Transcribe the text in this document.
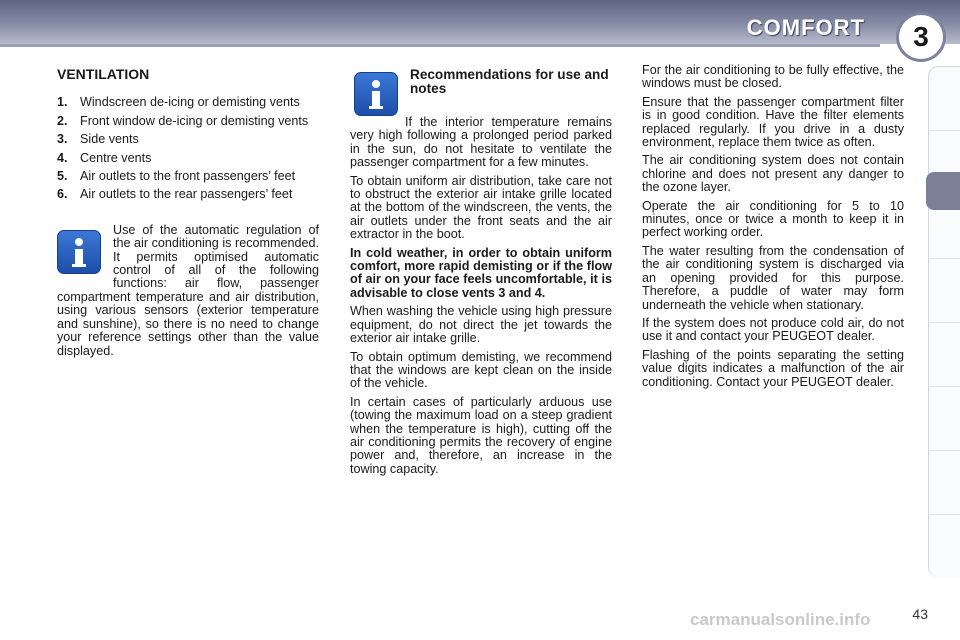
COMFORT	3
VENTILATION
1. Windscreen de-icing or demisting vents
2. Front window de-icing or demisting vents
3. Side vents
4. Centre vents
5. Air outlets to the front passengers’ feet
6. Air outlets to the rear passengers’ feet

Use of the automatic regulation of the air conditioning is recommended. It permits optimised automatic control of all of the following functions: air flow, passenger compartment temperature and air distribution, using various sensors (exterior temperature and sunshine), so there is no need to change your reference settings other than the value displayed.

Recommendations for use and notes

If the interior temperature remains very high following a prolonged period parked in the sun, do not hesitate to ventilate the passenger compartment for a few minutes.

To obtain uniform air distribution, take care not to obstruct the exterior air intake grille located at the bottom of the windscreen, the vents, the air outlets under the front seats and the air extractor in the boot.

In cold weather, in order to obtain uniform comfort, more rapid demisting or if the flow of air on your face feels uncomfortable, it is advisable to close vents 3 and 4.

When washing the vehicle using high pressure equipment, do not direct the jet towards the exterior air intake grille.

To obtain optimum demisting, we recommend that the windows are kept clean on the inside of the vehicle.

In certain cases of particularly arduous use (towing the maximum load on a steep gradient when the temperature is high), cutting off the air conditioning permits the recovery of engine power and, therefore, an increase in the towing capacity.

For the air conditioning to be fully effective, the windows must be closed.

Ensure that the passenger compartment filter is in good condition. Have the filter elements replaced regularly. If you drive in a dusty environment, replace them twice as often.

The air conditioning system does not contain chlorine and does not present any danger to the ozone layer.

Operate the air conditioning for 5 to 10 minutes, once or twice a month to keep it in perfect working order.

The water resulting from the condensation of the air conditioning system is discharged via an opening provided for this purpose. Therefore, a puddle of water may form underneath the vehicle when stationary.

If the system does not produce cold air, do not use it and contact your PEUGEOT dealer.

Flashing of the points separating the setting value digits indicates a malfunction of the air conditioning. Contact your PEUGEOT dealer.

43
carmanualsonline.info
